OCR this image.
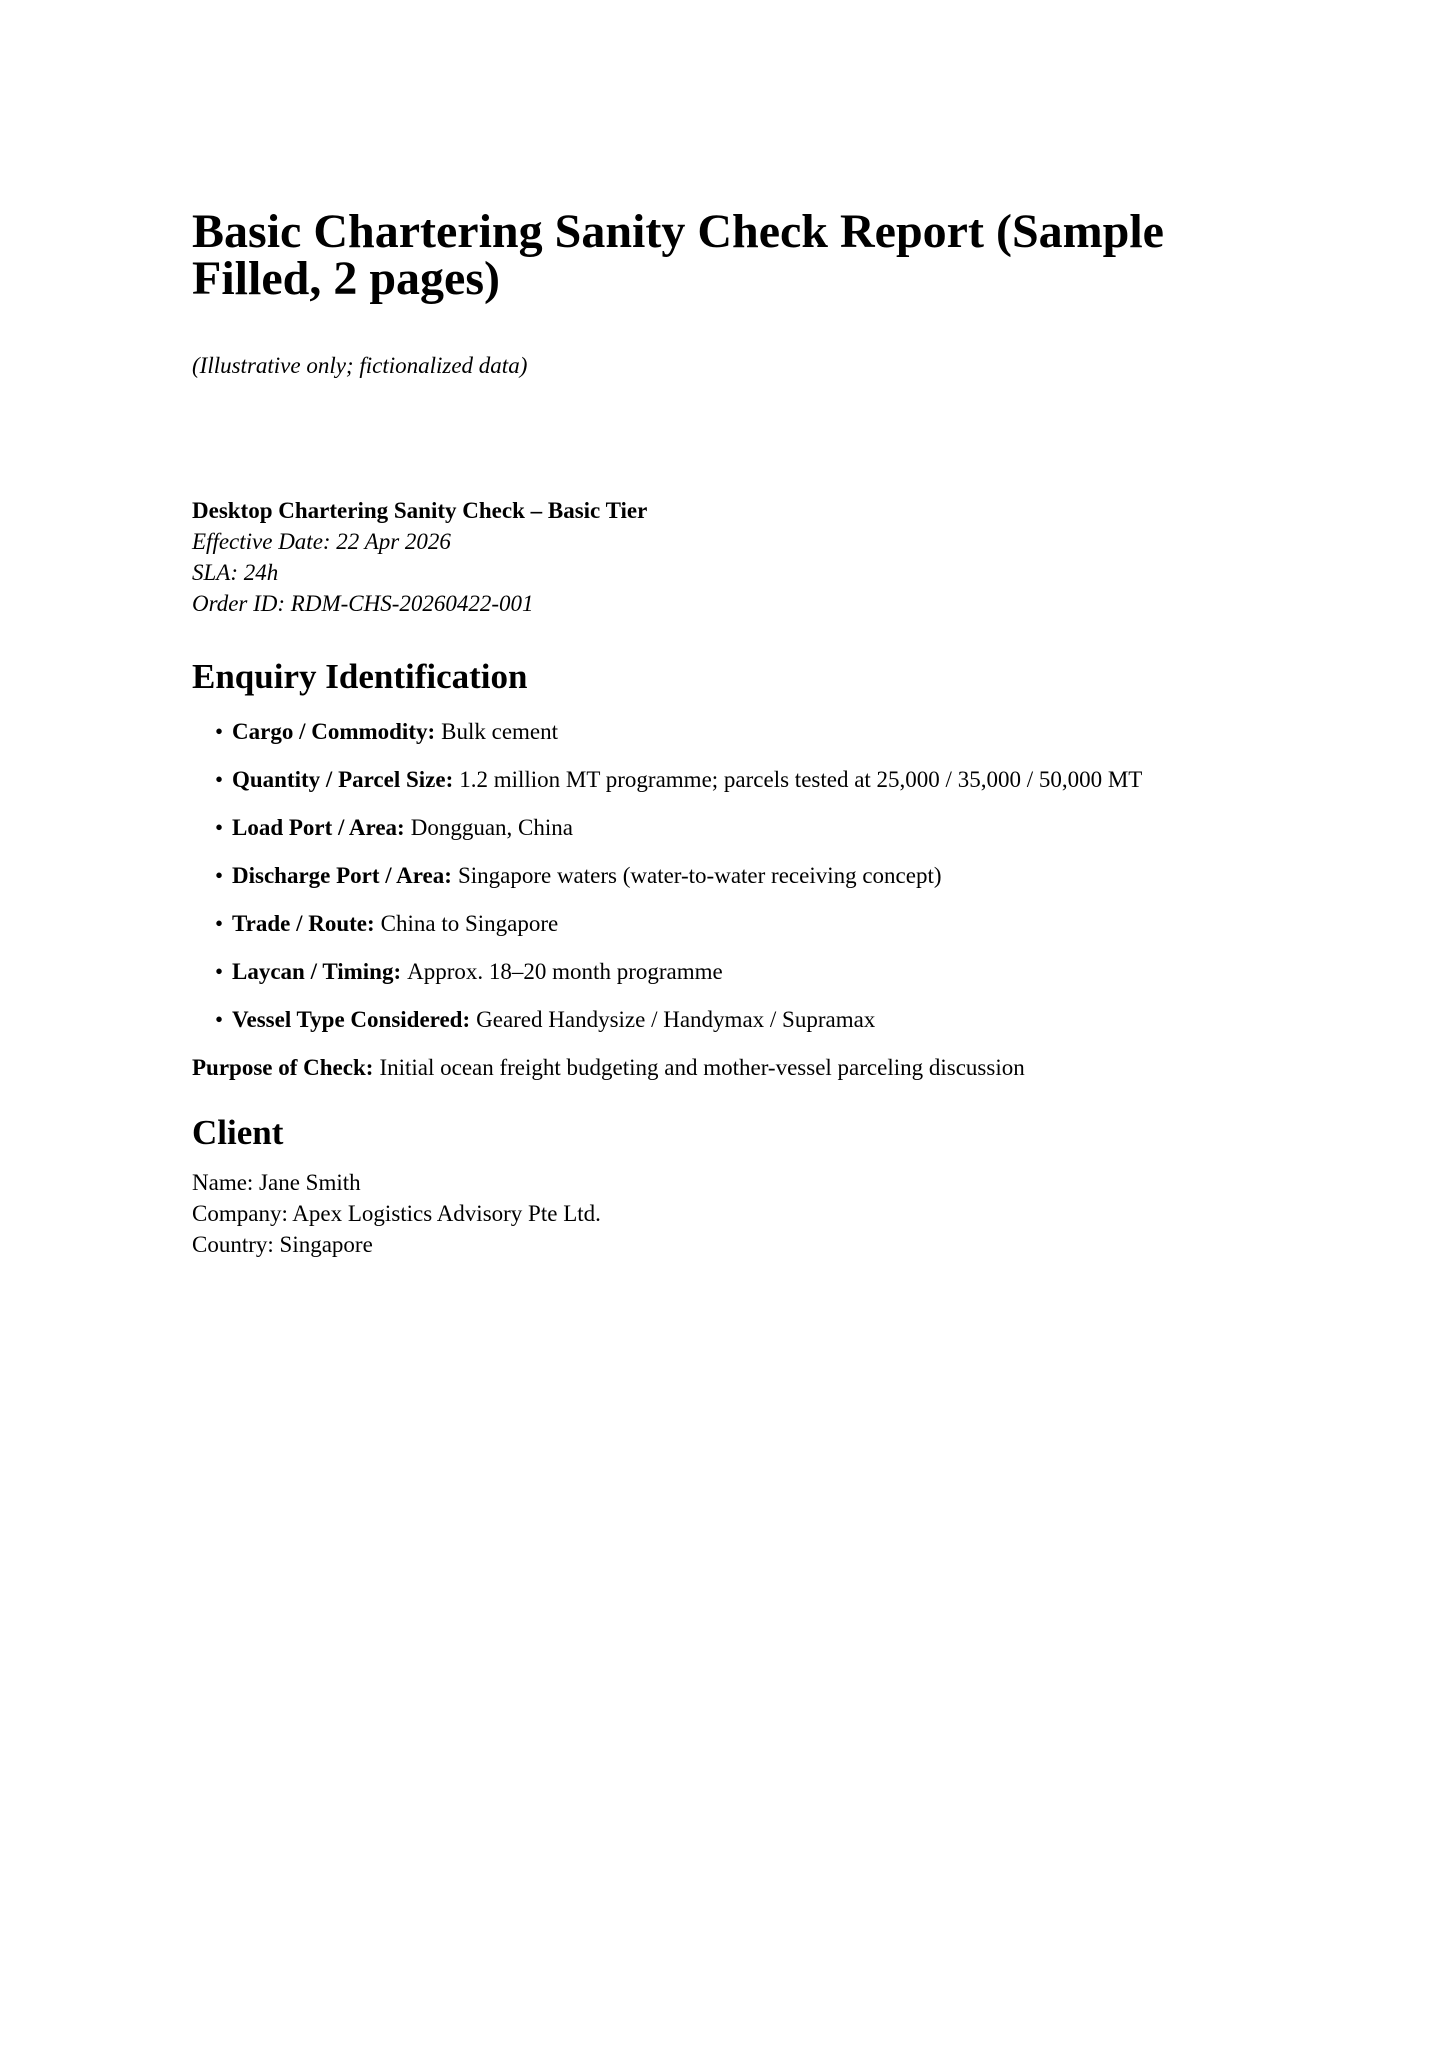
Basic Chartering Sanity Check Report (Sample Filled, 2 pages)

(Illustrative only; fictionalized data)

Desktop Chartering Sanity Check – Basic Tier
Effective Date: 22 Apr 2026
SLA: 24h
Order ID: RDM-CHS-20260422-001
Enquiry Identification
• Cargo / Commodity: Bulk cement
• Quantity / Parcel Size: 1.2 million MT programme; parcels tested at 25,000 / 35,000 / 50,000 MT
• Load Port / Area: Dongguan, China
• Discharge Port / Area: Singapore waters (water-to-water receiving concept)
• Trade / Route: China to Singapore
• Laycan / Timing: Approx. 18–20 month programme
• Vessel Type Considered: Geared Handysize / Handymax / Supramax

Purpose of Check: Initial ocean freight budgeting and mother-vessel parceling discussion

Client
Name: Jane Smith
Company: Apex Logistics Advisory Pte Ltd.
Country: Singapore
